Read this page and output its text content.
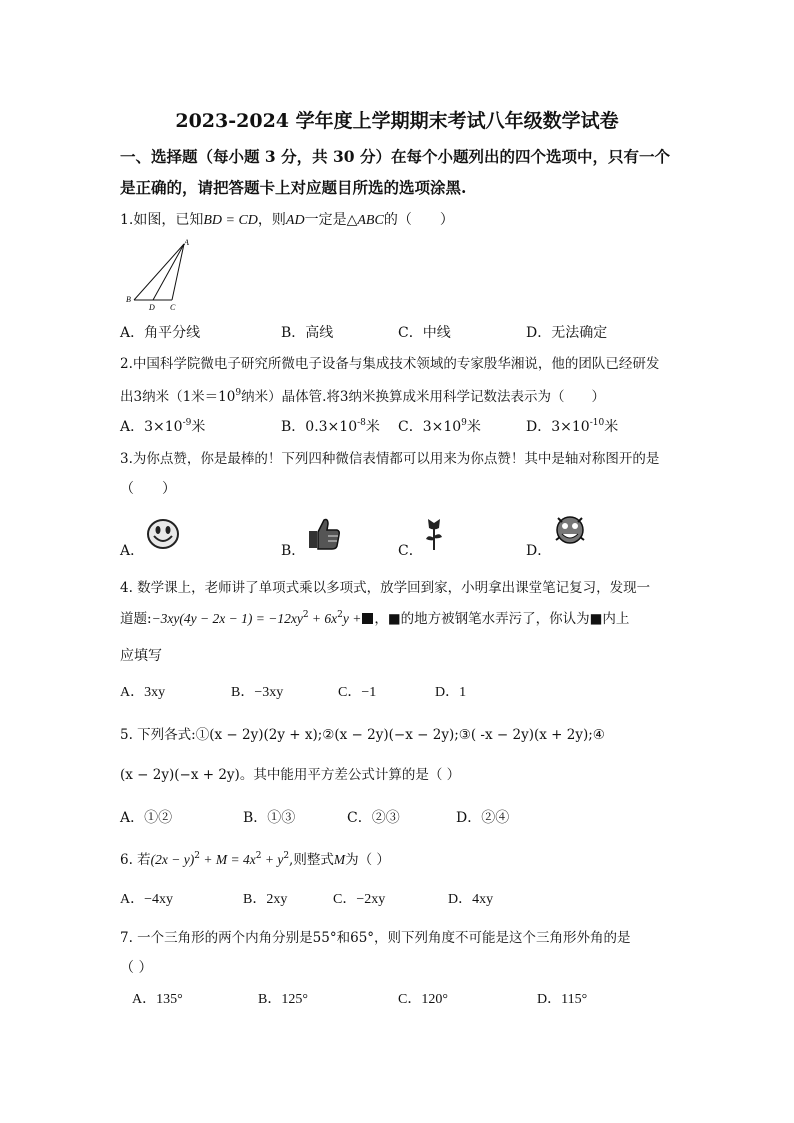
2023-2024 学年度上学期期末考试八年级数学试卷
一、选择题（每小题 3 分，共 30 分）在每个小题列出的四个选项中，只有一个
是正确的，请把答题卡上对应题目所选的选项涂黑.
1.如图，已知BD = CD，则AD一定是△ABC的（　　）
A
B
D C
A．角平分线	B．高线	C．中线	D．无法确定
2.中国科学院微电子研究所微电子设备与集成技术领域的专家殷华湘说，他的团队已经研发
出3纳米（1米$=10^9$纳米）晶体管.将3纳米换算成米用科学记数法表示为（　　）
A．$3\times 10^{-9}$米	B．$0.3\times 10^{-8}$米 C．$3\times 10^9$米	D．$3\times 10^{-10}$米
3.为你点赞，你是最棒的！下列四种微信表情都可以用来为你点赞！其中是轴对称图开的是
（　　）
A．	B．	C．	D．
4. 数学课上，老师讲了单项式乘以多项式，放学回到家，小明拿出课堂笔记复习，发现一
道题:−3xy(4y − $2x - 1) = -12xy^2 + 6x^2y$ + ，■的地方被钢笔水弄污了，你认为■内上
应填写
A．3xy	B．−3xy	C．−1	D．1
5. 下列各式:①(x − 2y)(2y + x);②(x − 2y)(−x − 2y);③( -x − 2y)(x + 2y);④
(x − 2y)(−x + 2y)。其中能用平方差公式计算的是（ ）
A．①②	B．①③	C．②③	D．②④
6. 若$(2x - y)^2 + M = 4x^2 + y^2$,则整式M为（ ）
A．−4xy	B．2xy	C．−2xy	D．4xy
7. 一个三角形的两个内角分别是55°和65°，则下列角度不可能是这个三角形外角的是
（ ）
A．135°	B．125°	C．120°	D．115°
